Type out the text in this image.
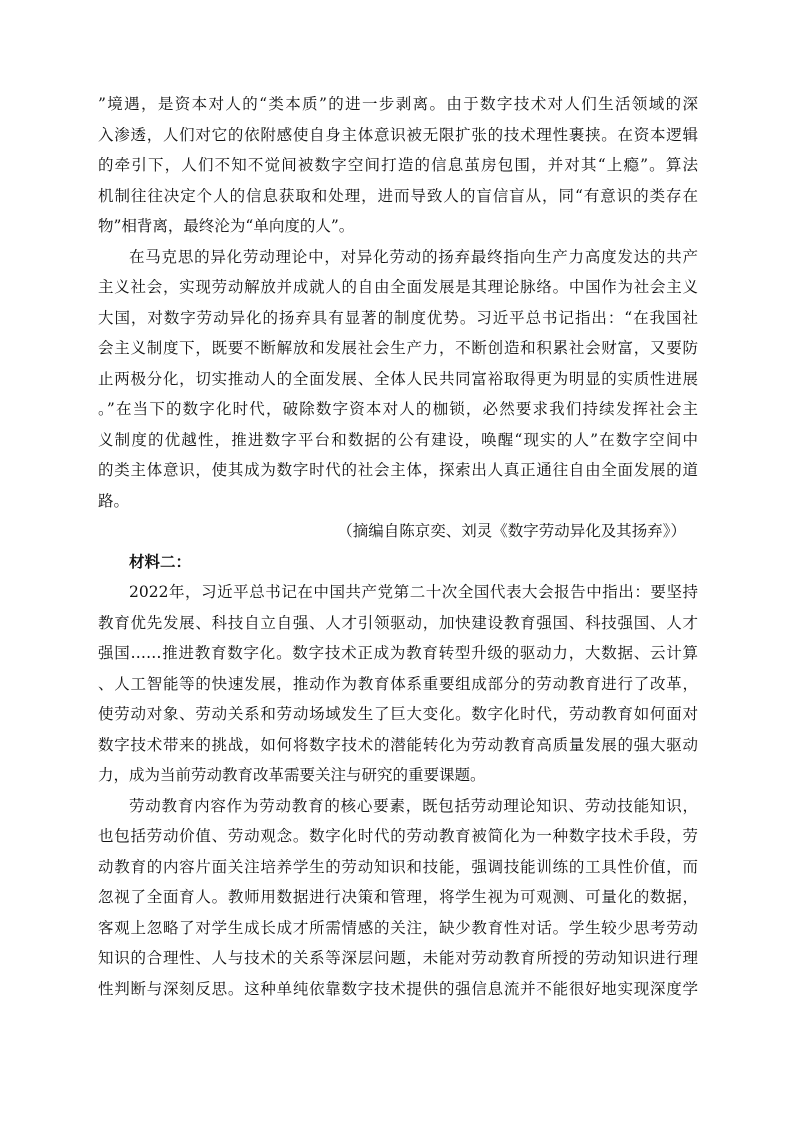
”境遇，是资本对人的“类本质”的进一步剥离。由于数字技术对人们生活领域的深
入渗透，人们对它的依附感使自身主体意识被无限扩张的技术理性裹挟。在资本逻辑
的牵引下，人们不知不觉间被数字空间打造的信息茧房包围，并对其“上瘾”。算法
机制往往决定个人的信息获取和处理，进而导致人的盲信盲从，同“有意识的类存在
物”相背离，最终沦为“单向度的人”。
在马克思的异化劳动理论中，对异化劳动的扬弃最终指向生产力高度发达的共产
主义社会，实现劳动解放并成就人的自由全面发展是其理论脉络。中国作为社会主义
大国，对数字劳动异化的扬弃具有显著的制度优势。习近平总书记指出：“在我国社
会主义制度下，既要不断解放和发展社会生产力，不断创造和积累社会财富，又要防
止两极分化，切实推动人的全面发展、全体人民共同富裕取得更为明显的实质性进展
。”在当下的数字化时代，破除数字资本对人的枷锁，必然要求我们持续发挥社会主
义制度的优越性，推进数字平台和数据的公有建设，唤醒“现实的人”在数字空间中
的类主体意识，使其成为数字时代的社会主体，探索出人真正通往自由全面发展的道
路。
（摘编自陈京奕、刘灵《数字劳动异化及其扬弃》）
材料二：
2022年，习近平总书记在中国共产党第二十次全国代表大会报告中指出：要坚持
教育优先发展、科技自立自强、人才引领驱动，加快建设教育强国、科技强国、人才
强国……推进教育数字化。数字技术正成为教育转型升级的驱动力，大数据、云计算
、人工智能等的快速发展，推动作为教育体系重要组成部分的劳动教育进行了改革，
使劳动对象、劳动关系和劳动场域发生了巨大变化。数字化时代，劳动教育如何面对
数字技术带来的挑战，如何将数字技术的潜能转化为劳动教育高质量发展的强大驱动
力，成为当前劳动教育改革需要关注与研究的重要课题。
劳动教育内容作为劳动教育的核心要素，既包括劳动理论知识、劳动技能知识，
也包括劳动价值、劳动观念。数字化时代的劳动教育被简化为一种数字技术手段，劳
动教育的内容片面关注培养学生的劳动知识和技能，强调技能训练的工具性价值，而
忽视了全面育人。教师用数据进行决策和管理，将学生视为可观测、可量化的数据，
客观上忽略了对学生成长成才所需情感的关注，缺少教育性对话。学生较少思考劳动
知识的合理性、人与技术的关系等深层问题，未能对劳动教育所授的劳动知识进行理
性判断与深刻反思。这种单纯依靠数字技术提供的强信息流并不能很好地实现深度学
